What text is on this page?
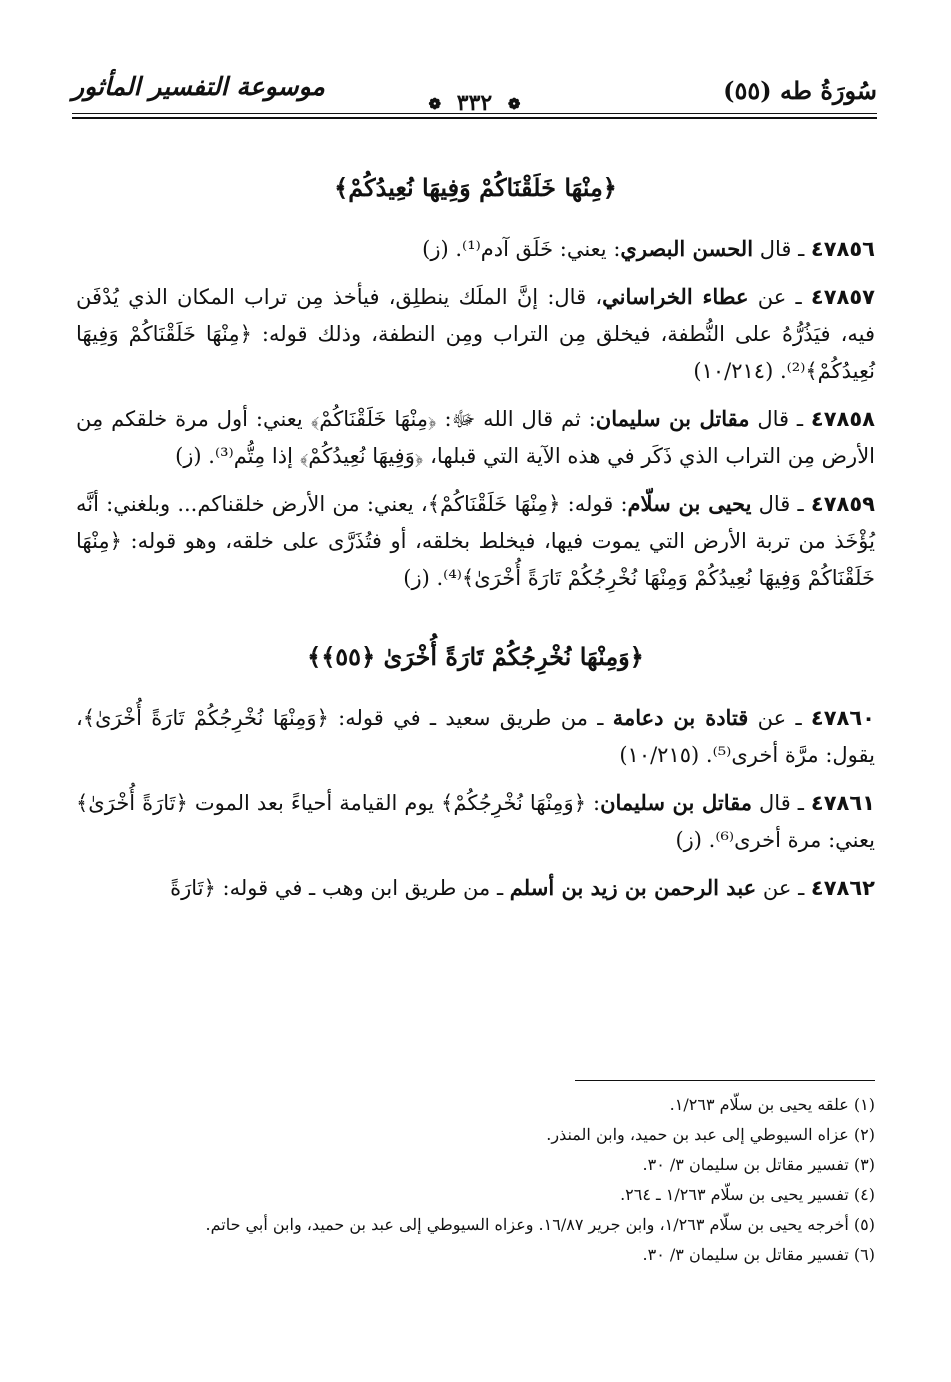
سُورَةُ طه (٥٥)
❁ ٣٣٢ ❁
موسوعة التفسير المأثور
﴿مِنْهَا خَلَقْنَاكُمْ وَفِيهَا نُعِيدُكُمْ﴾

٤٧٨٥٦ ـ قال الحسن البصري: يعني: خَلَق آدم⁽¹⁾. (ز)

٤٧٨٥٧ ـ عن عطاء الخراساني، قال: إنَّ الملَك ينطلِق، فيأخذ مِن تراب المكان الذي يُدْفَن فيه، فيَذُرُّهُ على النُّطفة، فيخلق مِن التراب ومِن النطفة، وذلك قوله: ﴿مِنْهَا خَلَقْنَاكُمْ وَفِيهَا نُعِيدُكُمْ﴾⁽²⁾. (١٠/٢١٤)

٤٧٨٥٨ ـ قال مقاتل بن سليمان: ثم قال الله ﷻ: ﴿مِنْهَا خَلَقْنَاكُمْ﴾ يعني: أول مرة خلقكم مِن الأرض مِن التراب الذي ذَكَر في هذه الآية التي قبلها، ﴿وَفِيهَا نُعِيدُكُمْ﴾ إذا مِتُّم⁽³⁾. (ز)

٤٧٨٥٩ ـ قال يحيى بن سلّام: قوله: ﴿مِنْهَا خَلَقْنَاكُمْ﴾، يعني: من الأرض خلقناكم... وبلغني: أنَّه يُؤْخَذ من تربة الأرض التي يموت فيها، فيخلط بخلقه، أو فتُذَرَّى على خلقه، وهو قوله: ﴿مِنْهَا خَلَقْنَاكُمْ وَفِيهَا نُعِيدُكُمْ وَمِنْهَا نُخْرِجُكُمْ تَارَةً أُخْرَىٰ﴾⁽⁴⁾. (ز)

﴿وَمِنْهَا نُخْرِجُكُمْ تَارَةً أُخْرَىٰ ﴿٥٥﴾﴾

٤٧٨٦٠ ـ عن قتادة بن دعامة ـ من طريق سعيد ـ في قوله: ﴿وَمِنْهَا نُخْرِجُكُمْ تَارَةً أُخْرَىٰ﴾، يقول: مرَّة أخرى⁽⁵⁾. (١٠/٢١٥)

٤٧٨٦١ ـ قال مقاتل بن سليمان: ﴿وَمِنْهَا نُخْرِجُكُمْ﴾ يوم القيامة أحياءً بعد الموت ﴿تَارَةً أُخْرَىٰ﴾ يعني: مرة أخرى⁽⁶⁾. (ز)

٤٧٨٦٢ ـ عن عبد الرحمن بن زيد بن أسلم ـ من طريق ابن وهب ـ في قوله: ﴿تَارَةً

(١) علقه يحيى بن سلّام ١/٢٦٣.

(٢) عزاه السيوطي إلى عبد بن حميد، وابن المنذر.

(٣) تفسير مقاتل بن سليمان ٣/ ٣٠.

(٤) تفسير يحيى بن سلّام ١/٢٦٣ ـ ٢٦٤.

(٥) أخرجه يحيى بن سلّام ١/٢٦٣، وابن جرير ١٦/٨٧. وعزاه السيوطي إلى عبد بن حميد، وابن أبي حاتم.

(٦) تفسير مقاتل بن سليمان ٣/ ٣٠.
